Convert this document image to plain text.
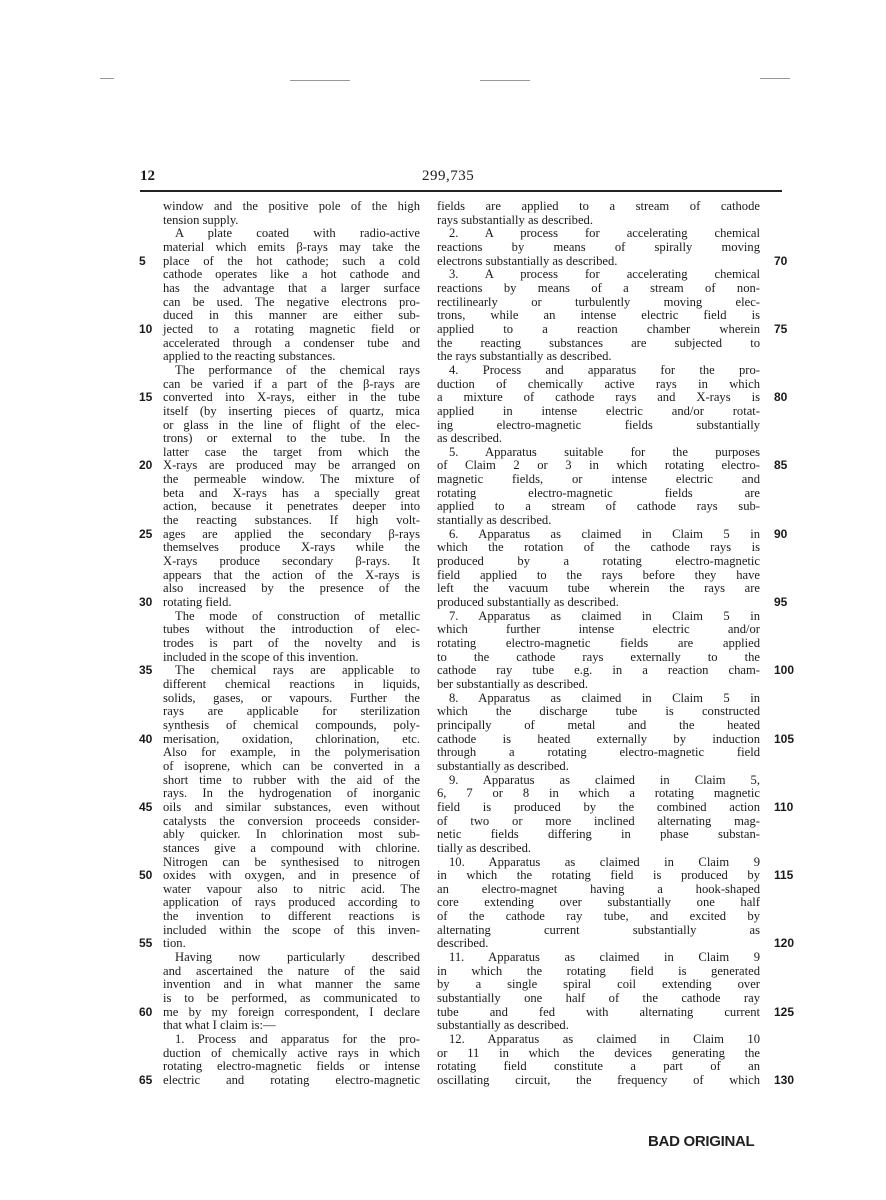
12	299,735
window and the positive pole of the high
tension supply.
A plate coated with radio-active
material which emits β-rays may take the
place of the hot cathode; such a cold
5
cathode operates like a hot cathode and
has the advantage that a larger surface
can be used. The negative electrons pro-
duced in this manner are either sub-
jected to a rotating magnetic field or
10
accelerated through a condenser tube and
applied to the reacting substances.
The performance of the chemical rays
can be varied if a part of the β-rays are
converted into X-rays, either in the tube
15
itself (by inserting pieces of quartz, mica
or glass in the line of flight of the elec-
trons) or external to the tube. In the
latter case the target from which the
X-rays are produced may be arranged on
20
the permeable window. The mixture of
beta and X-rays has a specially great
action, because it penetrates deeper into
the reacting substances. If high volt-
ages are applied the secondary β-rays
25
themselves produce X-rays while the
X-rays produce secondary β-rays. It
appears that the action of the X-rays is
also increased by the presence of the
rotating field.
30
The mode of construction of metallic
tubes without the introduction of elec-
trodes is part of the novelty and is
included in the scope of this invention.
The chemical rays are applicable to
35
different chemical reactions in liquids,
solids, gases, or vapours. Further the
rays are applicable for sterilization
synthesis of chemical compounds, poly-
merisation, oxidation, chlorination, etc.
40
Also for example, in the polymerisation
of isoprene, which can be converted in a
short time to rubber with the aid of the
rays. In the hydrogenation of inorganic
oils and similar substances, even without
45
catalysts the conversion proceeds consider-
ably quicker. In chlorination most sub-
stances give a compound with chlorine.
Nitrogen can be synthesised to nitrogen
oxides with oxygen, and in presence of
50
water vapour also to nitric acid. The
application of rays produced according to
the invention to different reactions is
included within the scope of this inven-
tion.
55
Having now particularly described
and ascertained the nature of the said
invention and in what manner the same
is to be performed, as communicated to
me by my foreign correspondent, I declare
60
that what I claim is:—
1. Process and apparatus for the pro-
duction of chemically active rays in which
rotating electro-magnetic fields or intense
electric and rotating electro-magnetic
65
fields are applied to a stream of cathode
rays substantially as described.
2. A process for accelerating chemical
reactions by means of spirally moving
electrons substantially as described.	70
3. A process for accelerating chemical
reactions by means of a stream of non-
rectilinearly or turbulently moving elec-
trons, while an intense electric field is
applied to a reaction chamber wherein 75
the reacting substances are subjected to
the rays substantially as described.
4. Process and apparatus for the pro-
duction of chemically active rays in which
a mixture of cathode rays and X-rays is 80
applied in intense electric and/or rotat-
ing electro-magnetic fields substantially
as described.
5. Apparatus suitable for the purposes
of Claim 2 or 3 in which rotating electro- 85
magnetic fields, or intense electric and
rotating electro-magnetic fields are
applied to a stream of cathode rays sub-
stantially as described.
6. Apparatus as claimed in Claim 5 in 90
which the rotation of the cathode rays is
produced by a rotating electro-magnetic
field applied to the rays before they have
left the vacuum tube wherein the rays are
produced substantially as described.	95
7. Apparatus as claimed in Claim 5 in
which further intense electric and/or
rotating electro-magnetic fields are applied
to the cathode rays externally to the
cathode ray tube e.g. in a reaction cham- 100
ber substantially as described.
8. Apparatus as claimed in Claim 5 in
which the discharge tube is constructed
principally of metal and the heated
cathode is heated externally by induction 105
through a rotating electro-magnetic field
substantially as described.
9. Apparatus as claimed in Claim 5,
6, 7 or 8 in which a rotating magnetic
field is produced by the combined action 110
of two or more inclined alternating mag-
netic fields differing in phase substan-
tially as described.
10. Apparatus as claimed in Claim 9
in which the rotating field is produced by 115
an electro-magnet having a hook-shaped
core extending over substantially one half
of the cathode ray tube, and excited by
alternating current substantially as
described.	120
11. Apparatus as claimed in Claim 9
in which the rotating field is generated
by a single spiral coil extending over
substantially one half of the cathode ray
tube and fed with alternating current 125
substantially as described.
12. Apparatus as claimed in Claim 10
or 11 in which the devices generating the
rotating field constitute a part of an
oscillating circuit, the frequency of which 130
BAD ORIGINAL
